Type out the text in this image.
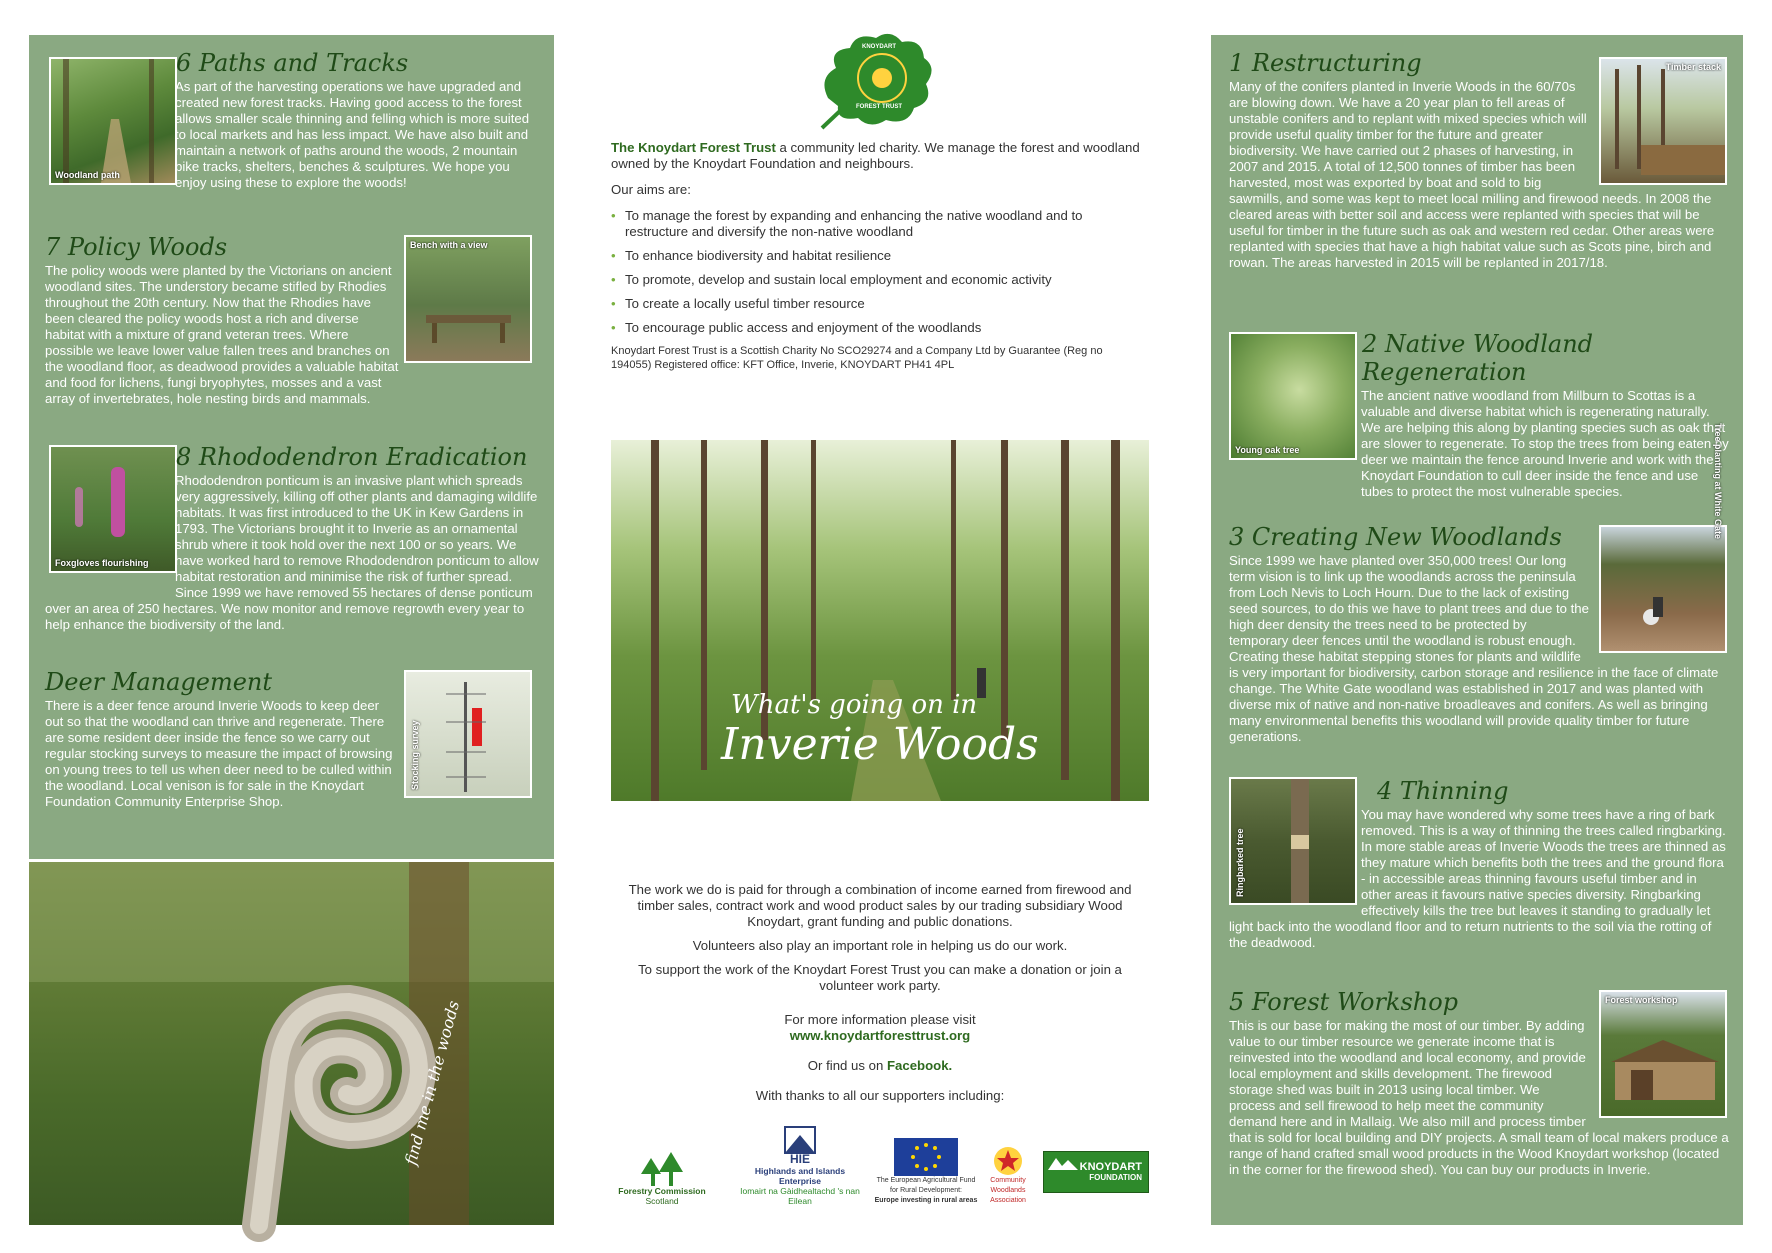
Woodland path
6 Paths and Tracks

As part of the harvesting operations we have upgraded and created new forest tracks. Having good access to the forest allows smaller scale thinning and felling which is more suited to local markets and has less impact. We have also built and maintain a network of paths around the woods, 2 mountain bike tracks, shelters, benches & sculptures. We hope you enjoy using these to explore the woods!

Bench with a view
7 Policy Woods

The policy woods were planted by the Victorians on ancient woodland sites. The understory became stifled by Rhodies throughout the 20th century. Now that the Rhodies have been cleared the policy woods host a rich and diverse habitat with a mixture of grand veteran trees. Where possible we leave lower value fallen trees and branches on the woodland floor, as deadwood provides a valuable habitat and food for lichens, fungi bryophytes, mosses and a vast array of invertebrates, hole nesting birds and mammals.

Foxgloves flourishing
8 Rhododendron Eradication

Rhododendron ponticum is an invasive plant which spreads very aggressively, killing off other plants and damaging wildlife habitats. It was first introduced to the UK in Kew Gardens in 1793. The Victorians brought it to Inverie as an ornamental shrub where it took hold over the next 100 or so years. We have worked hard to remove Rhododendron ponticum to allow habitat restoration and minimise the risk of further spread. Since 1999 we have removed 55 hectares of dense ponticum over an area of 250 hectares. We now monitor and remove regrowth every year to help enhance the biodiversity of the land.

Stocking survey
Deer Management

There is a deer fence around Inverie Woods to keep deer out so that the woodland can thrive and regenerate. There are some resident deer inside the fence so we carry out regular stocking surveys to measure the impact of browsing on young trees to tell us when deer need to be culled within the woodland. Local venison is for sale in the Knoydart Foundation Community Enterprise Shop.

find me in the woods
KNOYDART
FOREST TRUST

The Knoydart Forest Trust a community led charity. We manage the forest and woodland owned by the Knoydart Foundation and neighbours.

Our aims are:

• To manage the forest by expanding and enhancing the native woodland and to restructure and diversify the non-native woodland
• To enhance biodiversity and habitat resilience
• To promote, develop and sustain local employment and economic activity
• To create a locally useful timber resource
• To encourage public access and enjoyment of the woodlands

Knoydart Forest Trust is a Scottish Charity No SCO29274 and a Company Ltd by Guarantee (Reg no 194055) Registered office: KFT Office, Inverie, KNOYDART PH41 4PL

What's going on in
Inverie Woods

The work we do is paid for through a combination of income earned from firewood and timber sales, contract work and wood product sales by our trading subsidiary Wood Knoydart, grant funding and public donations.

Volunteers also play an important role in helping us do our work.

To support the work of the Knoydart Forest Trust you can make a donation or join a volunteer work party.

For more information please visit

www.knoydartforesttrust.org

Or find us on Facebook.

With thanks to all our supporters including:

Forestry Commission
Scotland
HIE
Highlands and Islands Enterprise
Iomairt na Gàidhealtachd 's nan Eilean
The European Agricultural Fund
for Rural Development:
Europe investing in rural areas
Community
Woodlands
Association
KNOYDART
FOUNDATION
Timber stack
1 Restructuring

Many of the conifers planted in Inverie Woods in the 60/70s are blowing down. We have a 20 year plan to fell areas of unstable conifers and to replant with mixed species which will provide useful quality timber for the future and greater biodiversity. We have carried out 2 phases of harvesting, in 2007 and 2015. A total of 12,500 tonnes of timber has been harvested, most was exported by boat and sold to big sawmills, and some was kept to meet local milling and firewood needs. In 2008 the cleared areas with better soil and access were replanted with species that will be useful for timber in the future such as oak and western red cedar. Other areas were replanted with species that have a high habitat value such as Scots pine, birch and rowan. The areas harvested in 2015 will be replanted in 2017/18.

Young oak tree
2 Native Woodland Regeneration

The ancient native woodland from Millburn to Scottas is a valuable and diverse habitat which is regenerating naturally. We are helping this along by planting species such as oak that are slower to regenerate. To stop the trees from being eaten by deer we maintain the fence around Inverie and work with the Knoydart Foundation to cull deer inside the fence and use tubes to protect the most vulnerable species.	Tree planting at White Gate
3 Creating New Woodlands

Since 1999 we have planted over 350,000 trees! Our long term vision is to link up the woodlands across the peninsula from Loch Nevis to Loch Hourn. Due to the lack of existing seed sources, to do this we have to plant trees and due to the high deer density the trees need to be protected by temporary deer fences until the woodland is robust enough. Creating these habitat stepping stones for plants and wildlife is very important for biodiversity, carbon storage and resilience in the face of climate change. The White Gate woodland was established in 2017 and was planted with diverse mix of native and non-native broadleaves and conifers. As well as bringing many environmental benefits this woodland will provide quality timber for future generations.

Ringbarked tree
4 Thinning

You may have wondered why some trees have a ring of bark removed. This is a way of thinning the trees called ringbarking. In more stable areas of Inverie Woods the trees are thinned as they mature which benefits both the trees and the ground flora - in accessible areas thinning favours useful timber and in other areas it favours native species diversity. Ringbarking effectively kills the tree but leaves it standing to gradually let light back into the woodland floor and to return nutrients to the soil via the rotting of the deadwood.

Forest workshop
5 Forest Workshop

This is our base for making the most of our timber. By adding value to our timber resource we generate income that is reinvested into the woodland and local economy, and provide local employment and skills development. The firewood storage shed was built in 2013 using local timber. We process and sell firewood to help meet the community demand here and in Mallaig. We also mill and process timber that is sold for local building and DIY projects. A small team of local makers produce a range of hand crafted small wood products in the Wood Knoydart workshop (located in the corner for the firewood shed). You can buy our products in Inverie.
